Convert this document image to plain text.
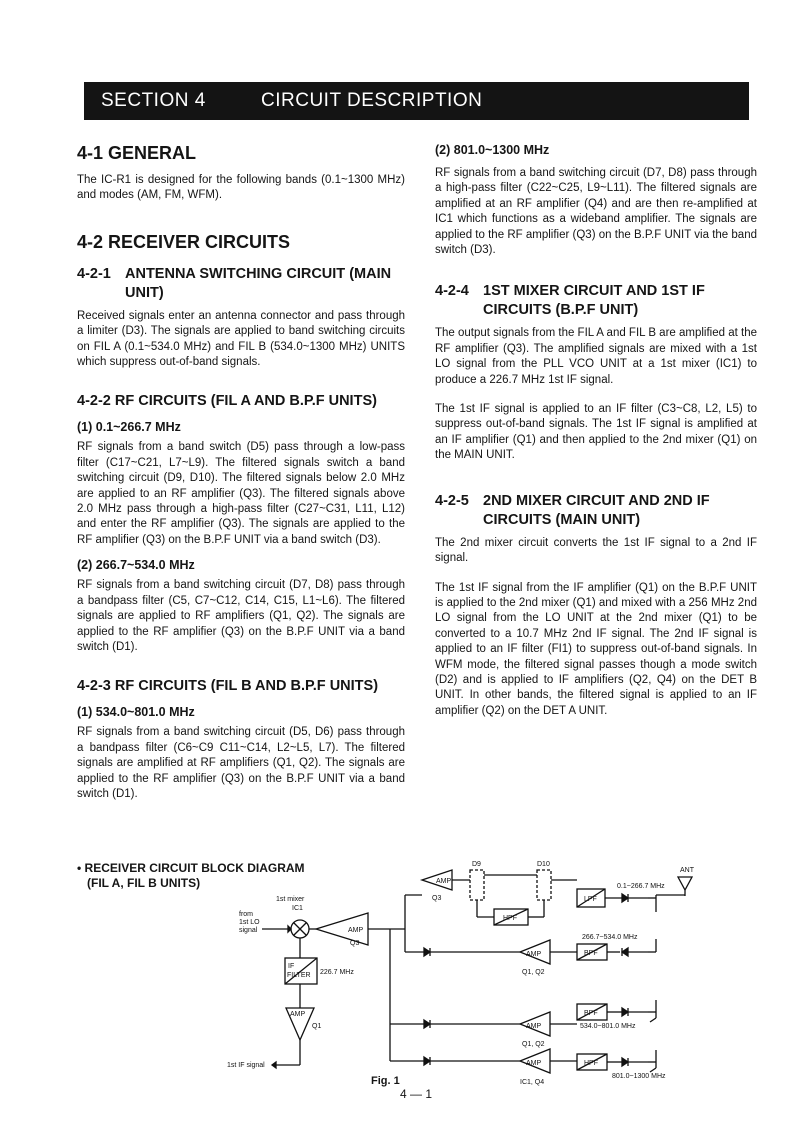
SECTION 4	CIRCUIT DESCRIPTION
4-1 GENERAL

The IC-R1 is designed for the following bands (0.1~1300 MHz) and modes (AM, FM, WFM).

4-2 RECEIVER CIRCUITS
4-2-1 ANTENNA SWITCHING CIRCUIT (MAIN UNIT)

Received signals enter an antenna connector and pass through a limiter (D3). The signals are applied to band switching circuits on FIL A (0.1~534.0 MHz) and FIL B (534.0~1300 MHz) UNITS which suppress out-of-band signals.

4-2-2 RF CIRCUITS (FIL A AND B.P.F UNITS)
(1) 0.1~266.7 MHz

RF signals from a band switch (D5) pass through a low-pass filter (C17~C21, L7~L9). The filtered signals switch a band switching circuit (D9, D10). The filtered signals below 2.0 MHz are applied to an RF amplifier (Q3). The filtered signals above 2.0 MHz pass through a high-pass filter (C27~C31, L11, L12) and enter the RF amplifier (Q3). The signals are applied to the RF amplifier (Q3) on the B.P.F UNIT via a band switch (D3).

(2) 266.7~534.0 MHz

RF signals from a band switching circuit (D7, D8) pass through a bandpass filter (C5, C7~C12, C14, C15, L1~L6). The filtered signals are applied to RF amplifiers (Q1, Q2). The signals are applied to the RF amplifier (Q3) on the B.P.F UNIT via a band switch (D1).

4-2-3 RF CIRCUITS (FIL B AND B.P.F UNITS)
(1) 534.0~801.0 MHz

RF signals from a band switching circuit (D5, D6) pass through a bandpass filter (C6~C9 C11~C14, L2~L5, L7). The filtered signals are amplified at RF amplifiers (Q1, Q2). The signals are applied to the RF amplifier (Q3) on the B.P.F UNIT via a band switch (D1).

(2) 801.0~1300 MHz

RF signals from a band switching circuit (D7, D8) pass through a high-pass filter (C22~C25, L9~L11). The filtered signals are amplified at an RF amplifier (Q4) and are then re-amplified at IC1 which functions as a wideband amplifier. The signals are applied to the RF amplifier (Q3) on the B.P.F UNIT via the band switch (D3).

4-2-4 1ST MIXER CIRCUIT AND 1ST IF CIRCUITS (B.P.F UNIT)

The output signals from the FIL A and FIL B are amplified at the RF amplifier (Q3). The amplified signals are mixed with a 1st LO signal from the PLL VCO UNIT at a 1st mixer (IC1) to produce a 226.7 MHz 1st IF signal.

The 1st IF signal is applied to an IF filter (C3~C8, L2, L5) to suppress out-of-band signals. The 1st IF signal is amplified at an IF amplifier (Q1) and then applied to the 2nd mixer (Q1) on the MAIN UNIT.

4-2-5 2ND MIXER CIRCUIT AND 2ND IF CIRCUITS (MAIN UNIT)

The 2nd mixer circuit converts the 1st IF signal to a 2nd IF signal.

The 1st IF signal from the IF amplifier (Q1) on the B.P.F UNIT is applied to the 2nd mixer (Q1) and mixed with a 256 MHz 2nd LO signal from the LO UNIT at the 2nd mixer (Q1) to be converted to a 10.7 MHz 2nd IF signal. The 2nd IF signal is applied to an IF filter (FI1) to suppress out-of-band signals. In WFM mode, the filtered signal passes though a mode switch (D2) and is applied to IF amplifiers (Q2, Q4) on the DET B UNIT. In other bands, the filtered signal is applied to an IF amplifier (Q2) on the DET A UNIT.

• RECEIVER CIRCUIT BLOCK DIAGRAM
(FIL A, FIL B UNITS)
1st mixer
IC1
from
1st LO
signal	AMP
Q3
IF
FILTER 226.7 MHz
AMP
Q1
1st IF signal
AMP
Q3
D9	D10
ANT
HPF
LPF
0.1~266.7 MHz
BPF
266.7~534.0 MHz
AMP
Q1, Q2
BPF
534.0~801.0 MHz
AMP
Q1, Q2
HPF
801.0~1300 MHz
AMP
IC1, Q4
Fig. 1
4 — 1
